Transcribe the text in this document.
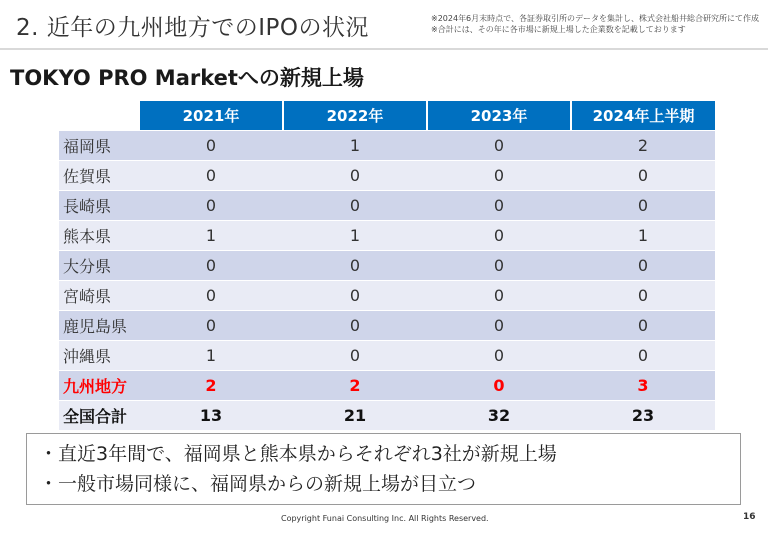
2. 近年の九州地方でのIPOの状況	※2024年6月末時点で、各証券取引所のデータを集計し、株式会社船井総合研究所にて作成
※合計には、その年に各市場に新規上場した企業数を記載しております
TOKYO PRO Marketへの新規上場
	2021年	2022年	2023年	2024年上半期
福岡県	0	1	0	2
佐賀県	0	0	0	0
長崎県	0	0	0	0
熊本県	1	1	0	1
大分県	0	0	0	0
宮崎県	0	0	0	0
鹿児島県	0	0	0	0
沖縄県	1	0	0	0
九州地方	2	2	0	3
全国合計	13	21	32	23
・直近3年間で、福岡県と熊本県からそれぞれ3社が新規上場
・一般市場同様に、福岡県からの新規上場が目立つ
Copyright Funai Consulting Inc. All Rights Reserved.	16
